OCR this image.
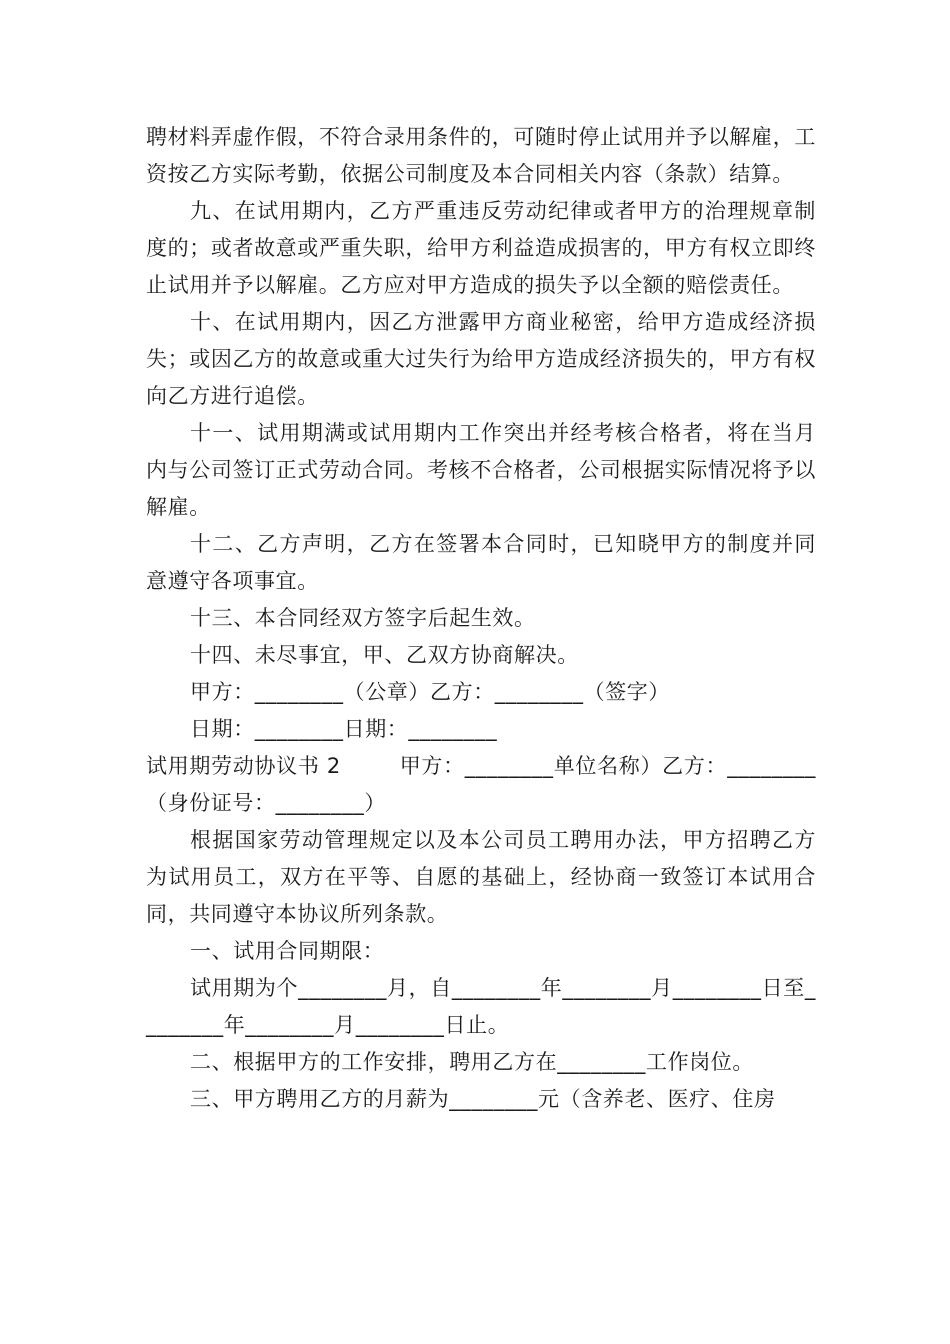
聘材料弄虚作假，不符合录用条件的，可随时停止试用并予以解雇，工资按乙方实际考勤，依据公司制度及本合同相关内容（条款）结算。

九、在试用期内，乙方严重违反劳动纪律或者甲方的治理规章制度的；或者故意或严重失职，给甲方利益造成损害的，甲方有权立即终止试用并予以解雇。乙方应对甲方造成的损失予以全额的赔偿责任。

十、在试用期内，因乙方泄露甲方商业秘密，给甲方造成经济损失；或因乙方的故意或重大过失行为给甲方造成经济损失的，甲方有权向乙方进行追偿。

十一、试用期满或试用期内工作突出并经考核合格者，将在当月内与公司签订正式劳动合同。考核不合格者，公司根据实际情况将予以解雇。

十二、乙方声明，乙方在签署本合同时，已知晓甲方的制度并同意遵守各项事宜。

十三、本合同经双方签字后起生效。

十四、未尽事宜，甲、乙双方协商解决。

甲方：________（公章）乙方：________（签字）

日期：________日期：________

试用期劳动协议书 2        甲方：________单位名称）乙方：________（身份证号：________）

根据国家劳动管理规定以及本公司员工聘用办法，甲方招聘乙方为试用员工，双方在平等、自愿的基础上，经协商一致签订本试用合同，共同遵守本协议所列条款。

一、试用合同期限：

试用期为个________月，自________年________月________日至________年________月________日止。

二、根据甲方的工作安排，聘用乙方在________工作岗位。

三、甲方聘用乙方的月薪为________元（含养老、医疗、住房
